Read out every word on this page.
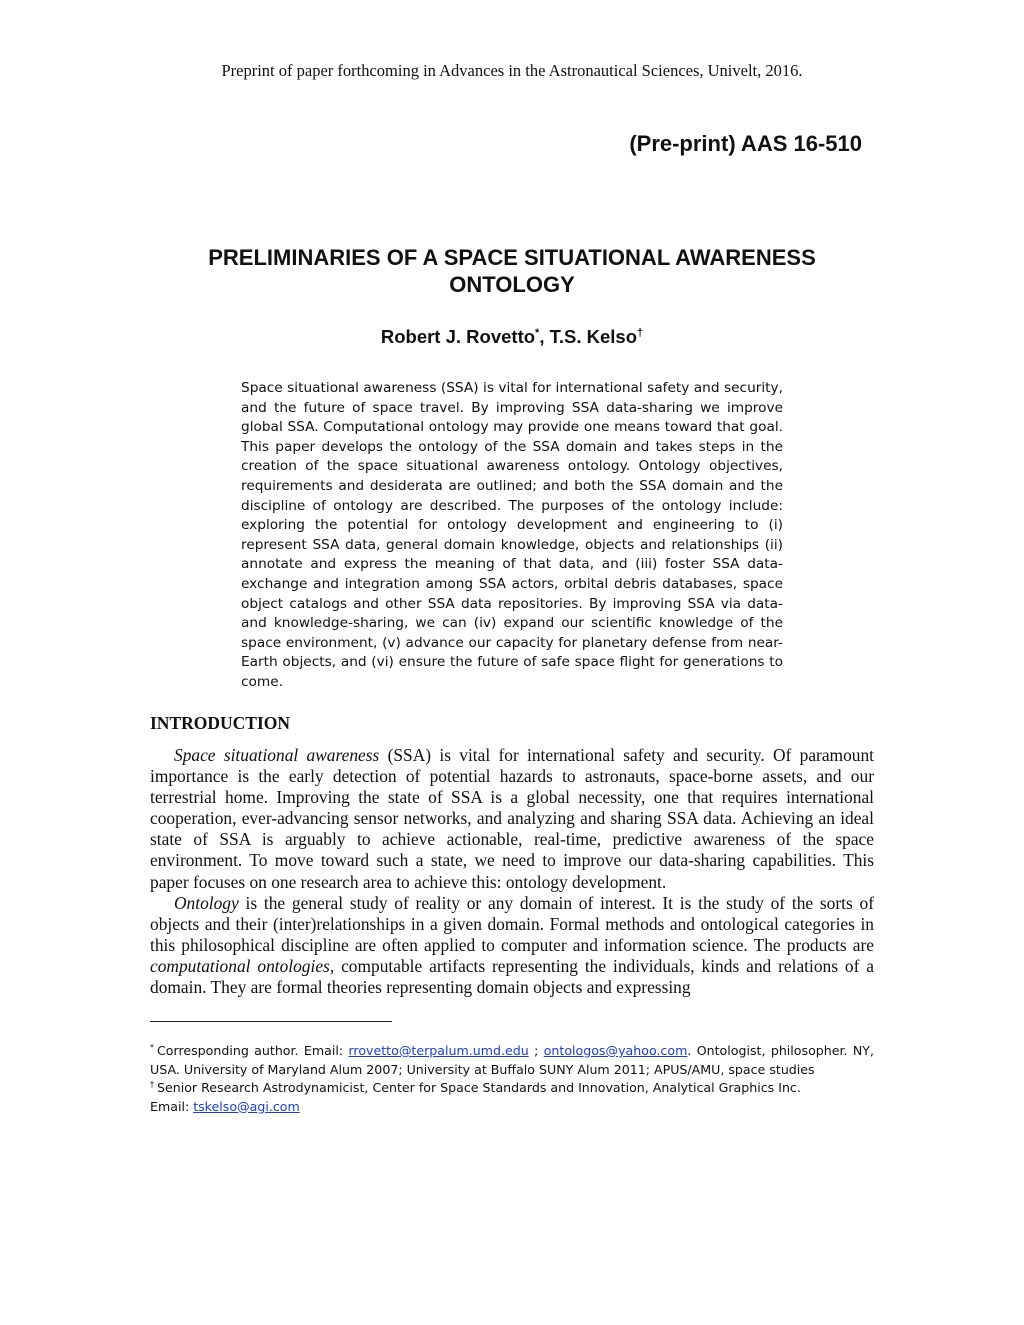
Preprint of paper forthcoming in Advances in the Astronautical Sciences, Univelt, 2016.
(Pre-print) AAS 16-510
PRELIMINARIES OF A SPACE SITUATIONAL AWARENESS
ONTOLOGY
Robert J. Rovetto*, T.S. Kelso†
Space situational awareness (SSA) is vital for international safety and security, and the future of space travel. By improving SSA data-sharing we improve global SSA. Computational ontology may provide one means toward that goal. This paper develops the ontology of the SSA domain and takes steps in the creation of the space situational awareness ontology. Ontology objectives, requirements and desiderata are outlined; and both the SSA domain and the discipline of ontology are described. The purposes of the ontology include: exploring the potential for ontology development and engineering to (i) represent SSA data, general domain knowledge, objects and relationships (ii) annotate and express the meaning of that data, and (iii) foster SSA data-exchange and integration among SSA actors, orbital debris databases, space object catalogs and other SSA data repositories. By improving SSA via data- and knowledge-sharing, we can (iv) expand our scientific knowledge of the space environment, (v) advance our capacity for planetary defense from near-Earth objects, and (vi) ensure the future of safe space flight for generations to come.
INTRODUCTION

Space situational awareness (SSA) is vital for international safety and security. Of paramount importance is the early detection of potential hazards to astronauts, space-borne assets, and our terrestrial home. Improving the state of SSA is a global necessity, one that requires international cooperation, ever-advancing sensor networks, and analyzing and sharing SSA data. Achieving an ideal state of SSA is arguably to achieve actionable, real-time, predictive awareness of the space environment. To move toward such a state, we need to improve our data-sharing capabilities. This paper focuses on one research area to achieve this: ontology development.

Ontology is the general study of reality or any domain of interest. It is the study of the sorts of objects and their (inter)relationships in a given domain. Formal methods and ontological categories in this philosophical discipline are often applied to computer and information science. The products are computational ontologies, computable artifacts representing the individuals, kinds and relations of a domain. They are formal theories representing domain objects and expressing

* Corresponding author. Email: rrovetto@terpalum.umd.edu ; ontologos@yahoo.com. Ontologist, philosopher. NY, USA. University of Maryland Alum 2007; University at Buffalo SUNY Alum 2011; APUS/AMU, space studies

† Senior Research Astrodynamicist, Center for Space Standards and Innovation, Analytical Graphics Inc.

Email: tskelso@agi.com
